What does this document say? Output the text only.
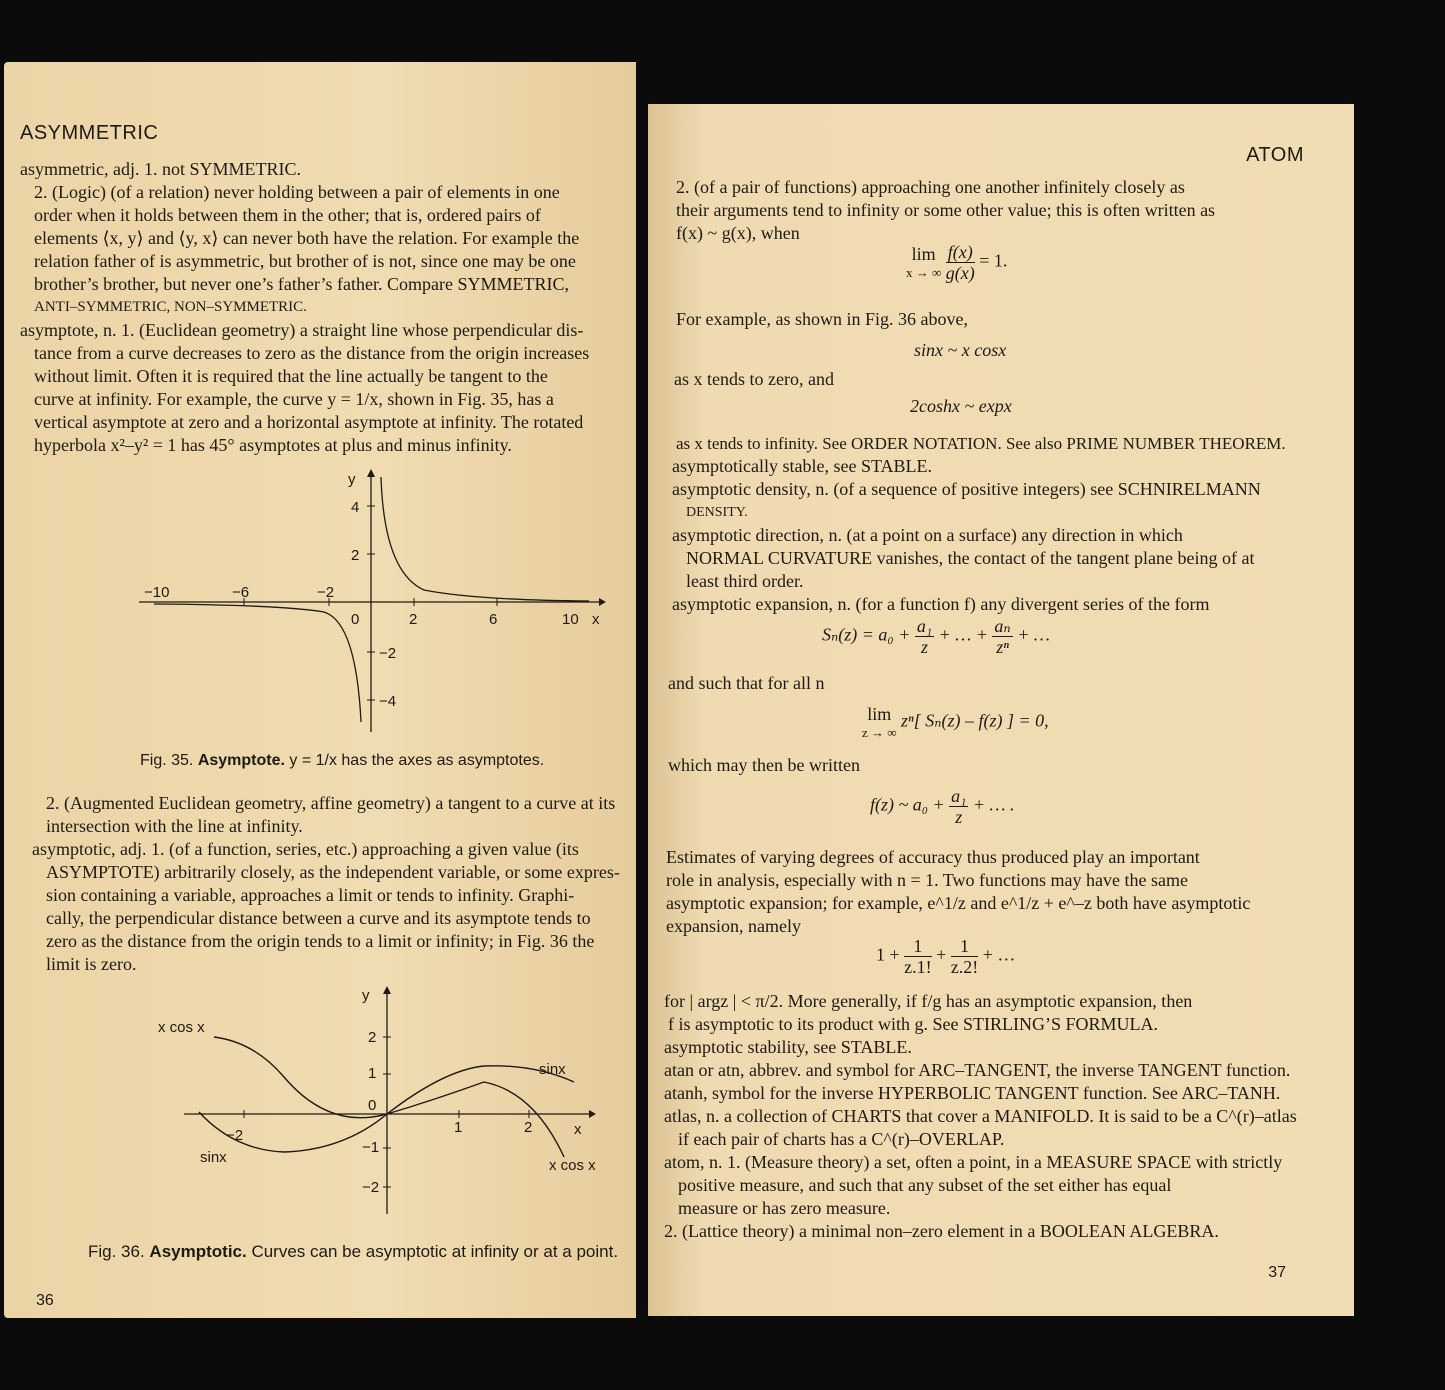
ASYMMETRIC
asymmetric, adj. 1. not SYMMETRIC.
2. (Logic) (of a relation) never holding between a pair of elements in one
order when it holds between them in the other; that is, ordered pairs of
elements ⟨x, y⟩ and ⟨y, x⟩ can never both have the relation. For example the
relation father of is asymmetric, but brother of is not, since one may be one
brother’s brother, but never one’s father’s father. Compare SYMMETRIC,
ANTI–SYMMETRIC, NON–SYMMETRIC.
asymptote, n. 1. (Euclidean geometry) a straight line whose perpendicular dis-
tance from a curve decreases to zero as the distance from the origin increases
without limit. Often it is required that the line actually be tangent to the
curve at infinity. For example, the curve y = 1/x, shown in Fig. 35, has a
vertical asymptote at zero and a horizontal asymptote at infinity. The rotated
hyperbola x²–y² = 1 has 45° asymptotes at plus and minus infinity.
y
x
−10	−6	−2
2	6	10
0
4
2
−2
−4
Fig. 35. Asymptote. y = 1/x has the axes as asymptotes.
2. (Augmented Euclidean geometry, affine geometry) a tangent to a curve at its
intersection with the line at infinity.
asymptotic, adj. 1. (of a function, series, etc.) approaching a given value (its
ASYMPTOTE) arbitrarily closely, as the independent variable, or some expres-
sion containing a variable, approaches a limit or tends to infinity. Graphi-
cally, the perpendicular distance between a curve and its asymptote tends to
zero as the distance from the origin tends to a limit or infinity; in Fig. 36 the
limit is zero.
y
x
−2	1	2
2
1
0
−1
−2
x cos x
sinx
sinx	x cos x
Fig. 36. Asymptotic. Curves can be asymptotic at infinity or at a point.
36
ATOM
2. (of a pair of functions) approaching one another infinitely closely as
their arguments tend to infinity or some other value; this is often written as
f(x) ~ g(x), when
lim
x → ∞
$\frac{f(x)}{g(x)} = 1$.
For example, as shown in Fig. 36 above,
sinx ~ x cosx
as x tends to zero, and
2coshx ~ expx
as x tends to infinity. See ORDER NOTATION. See also PRIME NUMBER THEOREM.
asymptotically stable, see STABLE.
asymptotic density, n. (of a sequence of positive integers) see SCHNIRELMANN
DENSITY.
asymptotic direction, n. (at a point on a surface) any direction in which
NORMAL CURVATURE vanishes, the contact of the tangent plane being of at
least third order.
asymptotic expansion, n. (for a function f) any divergent series of the form
$S_n(z) = a_0 + \frac{\text{a₁}}{z}$ + … + $\frac{\text{aₙ}}{\text{zⁿ}}$ + …
and such that for all n
lim
z → ∞
zⁿ[ Sₙ(z) – f(z) ] = 0,
which may then be written
f(z) ~ $a_0 + \frac{\text{a₁}}{z}$ + … .
Estimates of varying degrees of accuracy thus produced play an important
role in analysis, especially with n = 1. Two functions may have the same
asymptotic expansion; for example, e^1/z and e^1/z + e^–z both have asymptotic
expansion, namely
$1 + \frac{1}{z.1!} + \frac{1}{z.2!}$ + …
for | argz | < π/2. More generally, if f/g has an asymptotic expansion, then
f is asymptotic to its product with g. See STIRLING’S FORMULA.
asymptotic stability, see STABLE.
atan or atn, abbrev. and symbol for ARC–TANGENT, the inverse TANGENT function.
atanh, symbol for the inverse HYPERBOLIC TANGENT function. See ARC–TANH.
atlas, n. a collection of CHARTS that cover a MANIFOLD. It is said to be a C^(r)–atlas
if each pair of charts has a C^(r)–OVERLAP.
atom, n. 1. (Measure theory) a set, often a point, in a MEASURE SPACE with strictly
positive measure, and such that any subset of the set either has equal
measure or has zero measure.
2. (Lattice theory) a minimal non–zero element in a BOOLEAN ALGEBRA.
37
